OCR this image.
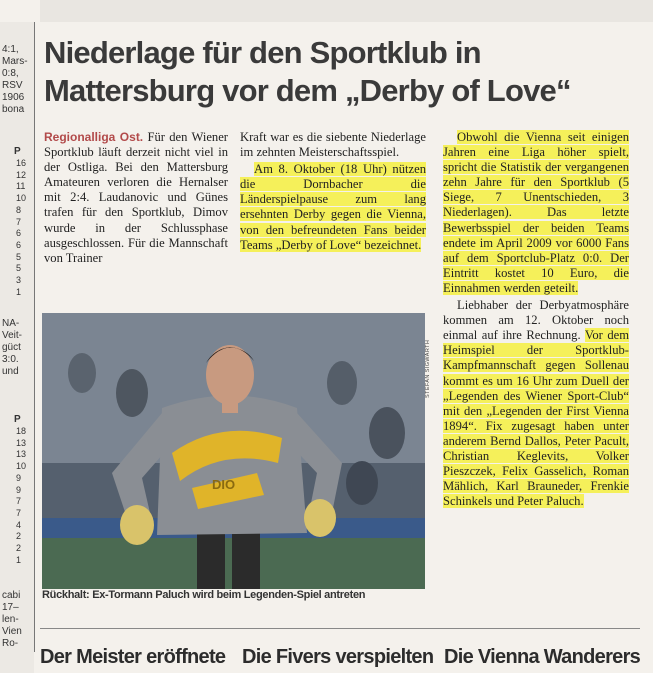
4:1,
Mars-
0:8,
RSV
1906
bona
P
16
12
11
10
8
7
6
6
5
5
3
1
NA-
Veit-
güct
3:0.
und
P
18
13
13
10
9
9
7
7
4
2
2
1
cabi
17–
len-
Vien
Ro-
Niederlage für den Sportklub in
Mattersburg vor dem „Derby of Love“

Regionalliga Ost. Für den Wiener Sportklub läuft derzeit nicht viel in der Ostliga. Bei den Mattersburg Amateuren verloren die Hernalser mit 2:4. Laudanovic und Günes trafen für den Sportklub, Dimov wurde in der Schlussphase ausgeschlossen. Für die Mannschaft von Trainer

Kraft war es die siebente Niederlage im zehnten Meisterschaftsspiel.

Am 8. Oktober (18 Uhr) nützen die Dornbacher die Länderspielpause zum lang ersehnten Derby gegen die Vienna, von den befreundeten Fans beider Teams „Derby of Love“ bezeichnet.

Obwohl die Vienna seit einigen Jahren eine Liga höher spielt, spricht die Statistik der vergangenen zehn Jahre für den Sportklub (5 Siege, 7 Unentschieden, 3 Niederlagen). Das letzte Bewerbsspiel der beiden Teams endete im April 2009 vor 6000 Fans auf dem Sportclub-Platz 0:0. Der Eintritt kostet 10 Euro, die Einnahmen werden geteilt.

Liebhaber der Derbyatmosphäre kommen am 12. Oktober noch einmal auf ihre Rechnung. Vor dem Heimspiel der Sportklub-Kampfmannschaft gegen Sollenau kommt es um 16 Uhr zum Duell der „Legenden des Wiener Sport-Club“ mit den „Legenden der First Vienna 1894“. Fix zugesagt haben unter anderem Bernd Dallos, Peter Pacult, Christian Keglevits, Volker Pieszczek, Felix Gasselich, Roman Mählich, Karl Brauneder, Frenkie Schinkels und Peter Paluch.

DIO
STEFAN SIGWARTH
Rückhalt: Ex-Tormann Paluch wird beim Legenden-Spiel antreten
Der Meister eröffnete Die Fivers verspielten Die Vienna Wanderers
